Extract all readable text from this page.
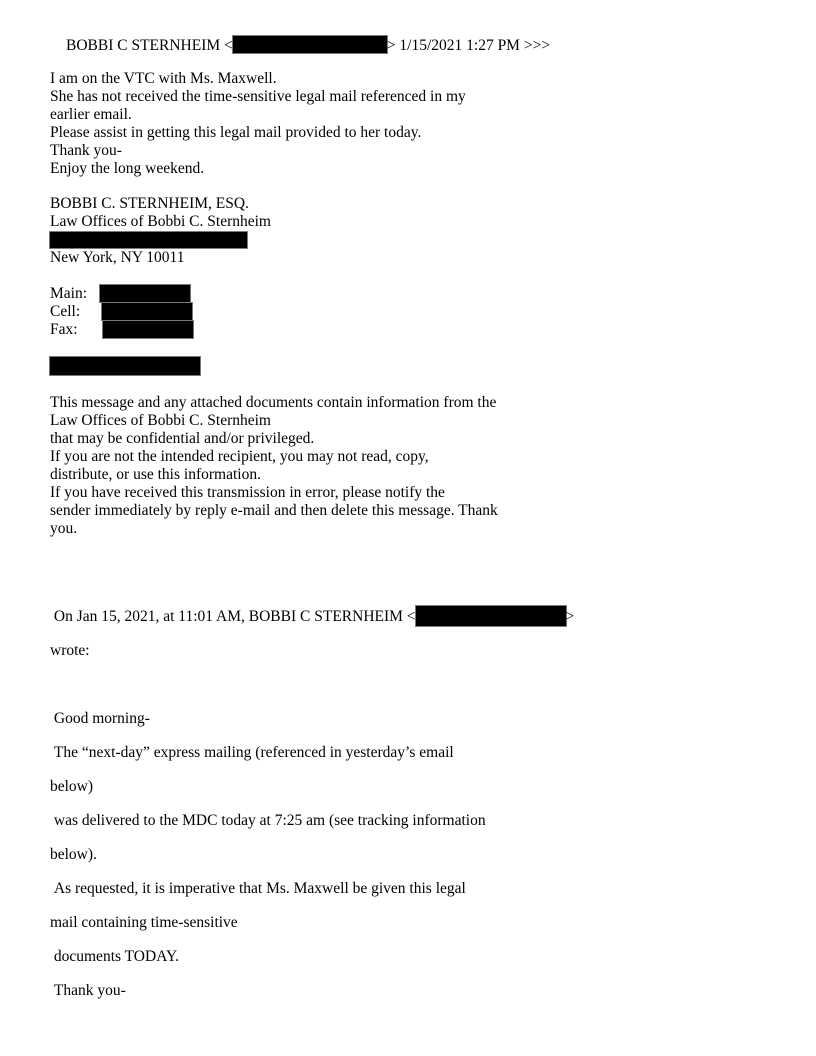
BOBBI C STERNHEIM <	> 1/15/2021 1:27 PM >>>
I am on the VTC with Ms. Maxwell.
She has not received the time-sensitive legal mail referenced in my
earlier email.
Please assist in getting this legal mail provided to her today.
Thank you-
Enjoy the long weekend.
BOBBI C. STERNHEIM, ESQ.
Law Offices of Bobbi C. Sternheim
New York, NY 10011
Main:
Cell:
Fax:
This message and any attached documents contain information from the
Law Offices of Bobbi C. Sternheim
that may be confidential and/or privileged.
If you are not the intended recipient, you may not read, copy,
distribute, or use this information.
If you have received this transmission in error, please notify the
sender immediately by reply e-mail and then delete this message. Thank
you.
On Jan 15, 2021, at 11:01 AM, BOBBI C STERNHEIM <	>
wrote:
Good morning-
The “next-day” express mailing (referenced in yesterday’s email
below)
was delivered to the MDC today at 7:25 am (see tracking information
below).
As requested, it is imperative that Ms. Maxwell be given this legal
mail containing time-sensitive
documents TODAY.
Thank you-
